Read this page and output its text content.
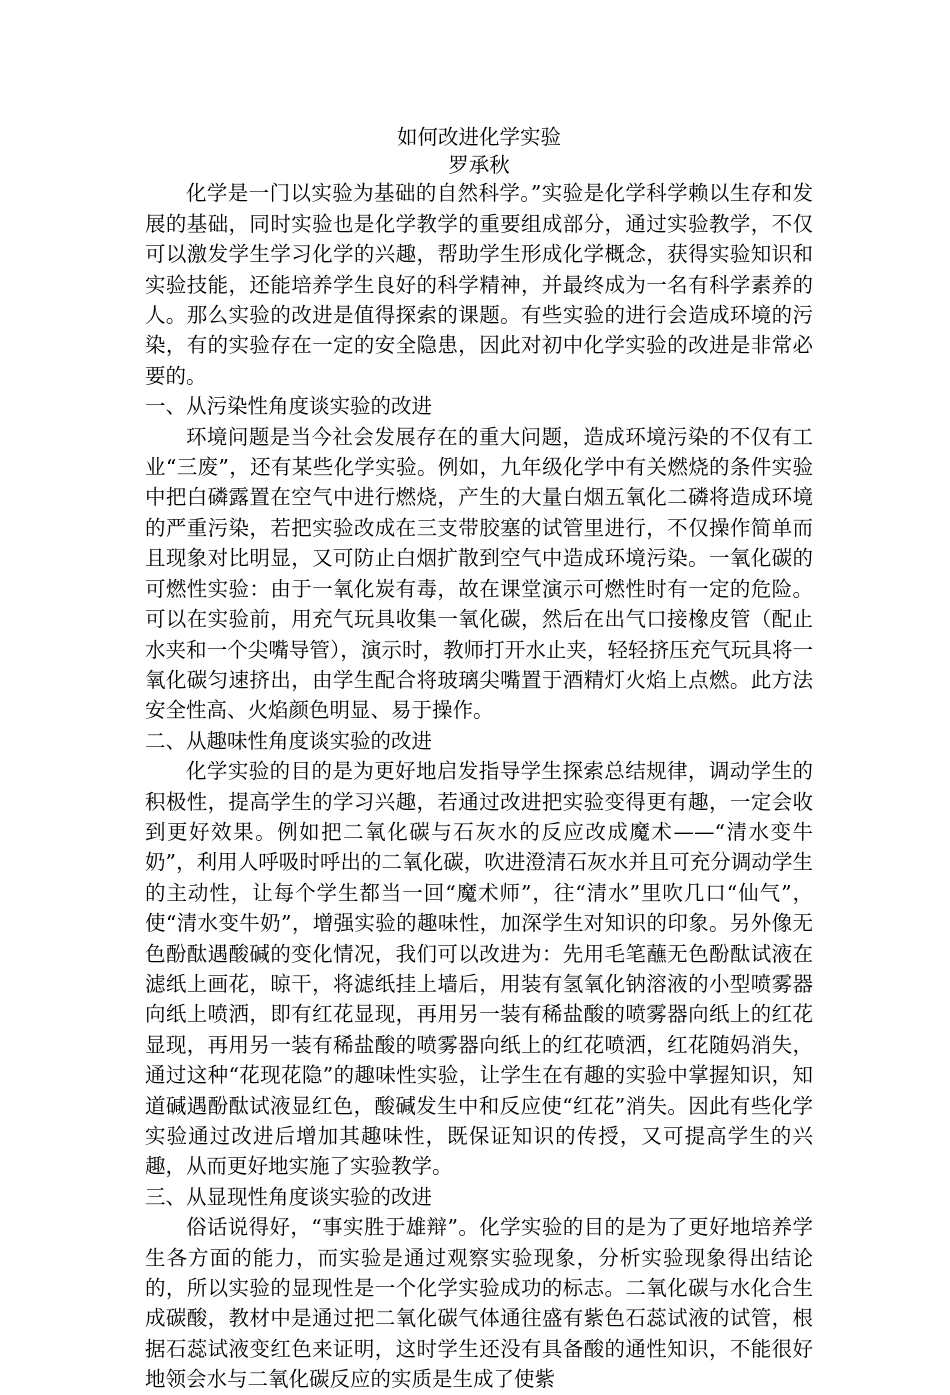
如何改进化学实验
罗承秋

化学是一门以实验为基础的自然科学。”实验是化学科学赖以生存和发展的基础，同时实验也是化学教学的重要组成部分，通过实验教学，不仅可以激发学生学习化学的兴趣，帮助学生形成化学概念，获得实验知识和实验技能，还能培养学生良好的科学精神，并最终成为一名有科学素养的人。那么实验的改进是值得探索的课题。有些实验的进行会造成环境的污染，有的实验存在一定的安全隐患，因此对初中化学实验的改进是非常必要的。

一、从污染性角度谈实验的改进

环境问题是当今社会发展存在的重大问题，造成环境污染的不仅有工业“三废”，还有某些化学实验。例如，九年级化学中有关燃烧的条件实验中把白磷露置在空气中进行燃烧，产生的大量白烟五氧化二磷将造成环境的严重污染，若把实验改成在三支带胶塞的试管里进行，不仅操作简单而且现象对比明显，又可防止白烟扩散到空气中造成环境污染。一氧化碳的可燃性实验：由于一氧化炭有毒，故在课堂演示可燃性时有一定的危险。可以在实验前，用充气玩具收集一氧化碳，然后在出气口接橡皮管（配止水夹和一个尖嘴导管），演示时，教师打开水止夹，轻轻挤压充气玩具将一氧化碳匀速挤出，由学生配合将玻璃尖嘴置于酒精灯火焰上点燃。此方法安全性高、火焰颜色明显、易于操作。

二、从趣味性角度谈实验的改进

化学实验的目的是为更好地启发指导学生探索总结规律，调动学生的积极性，提高学生的学习兴趣，若通过改进把实验变得更有趣，一定会收到更好效果。例如把二氧化碳与石灰水的反应改成魔术——“清水变牛奶”，利用人呼吸时呼出的二氧化碳，吹进澄清石灰水并且可充分调动学生的主动性，让每个学生都当一回“魔术师”，往“清水”里吹几口“仙气”，使“清水变牛奶”，增强实验的趣味性，加深学生对知识的印象。另外像无色酚酞遇酸碱的变化情况，我们可以改进为：先用毛笔蘸无色酚酞试液在滤纸上画花，晾干，将滤纸挂上墙后，用装有氢氧化钠溶液的小型喷雾器向纸上喷洒，即有红花显现，再用另一装有稀盐酸的喷雾器向纸上的红花显现，再用另一装有稀盐酸的喷雾器向纸上的红花喷洒，红花随妈消失，通过这种“花现花隐”的趣味性实验，让学生在有趣的实验中掌握知识，知道碱遇酚酞试液显红色，酸碱发生中和反应使“红花”消失。因此有些化学实验通过改进后增加其趣味性，既保证知识的传授，又可提高学生的兴趣，从而更好地实施了实验教学。

三、从显现性角度谈实验的改进

俗话说得好，“事实胜于雄辩”。化学实验的目的是为了更好地培养学生各方面的能力，而实验是通过观察实验现象，分析实验现象得出结论的，所以实验的显现性是一个化学实验成功的标志。二氧化碳与水化合生成碳酸，教材中是通过把二氧化碳气体通往盛有紫色石蕊试液的试管，根据石蕊试液变红色来证明，这时学生还没有具备酸的通性知识，不能很好地领会水与二氧化碳反应的实质是生成了使紫
